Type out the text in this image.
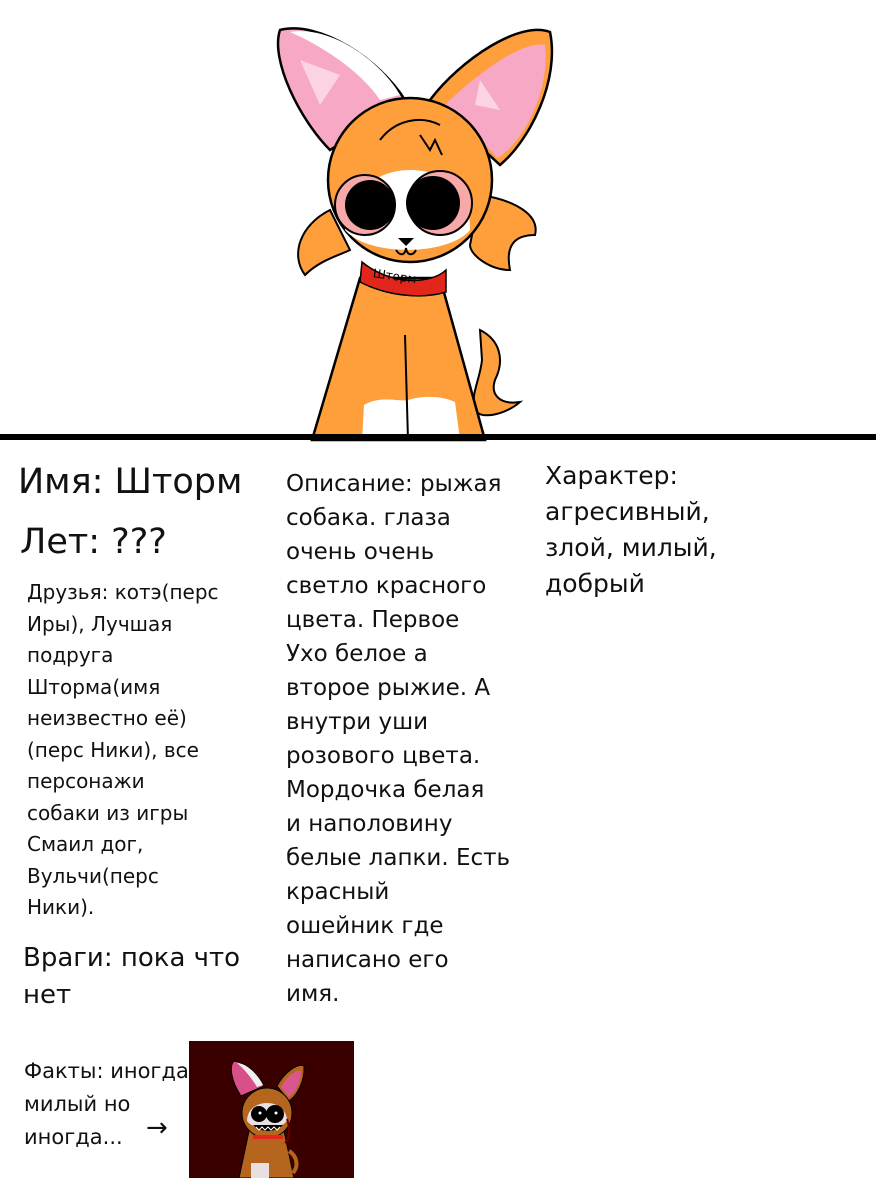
Шторм

Имя: Шторм

Лет: ???

Друзья: котэ(перс
Иры), Лучшая
подруга
Шторма(имя
неизвестно её)
(перс Ники), все
персонажи
собаки из игры
Смаил дог,
Вульчи(перс
Ники).

Враги: пока что
нет

Факты: иногда
милый но
иногда...

Описание: рыжая
собака. глаза
очень очень
светло красного
цвета. Первое
Ухо белое а
второе рыжие. А
внутри уши
розового цвета.
Мордочка белая
и наполовину
белые лапки. Есть
красный
ошейник где
написано его
имя.

Характер:
агресивный,
злой, милый,
добрый

→
